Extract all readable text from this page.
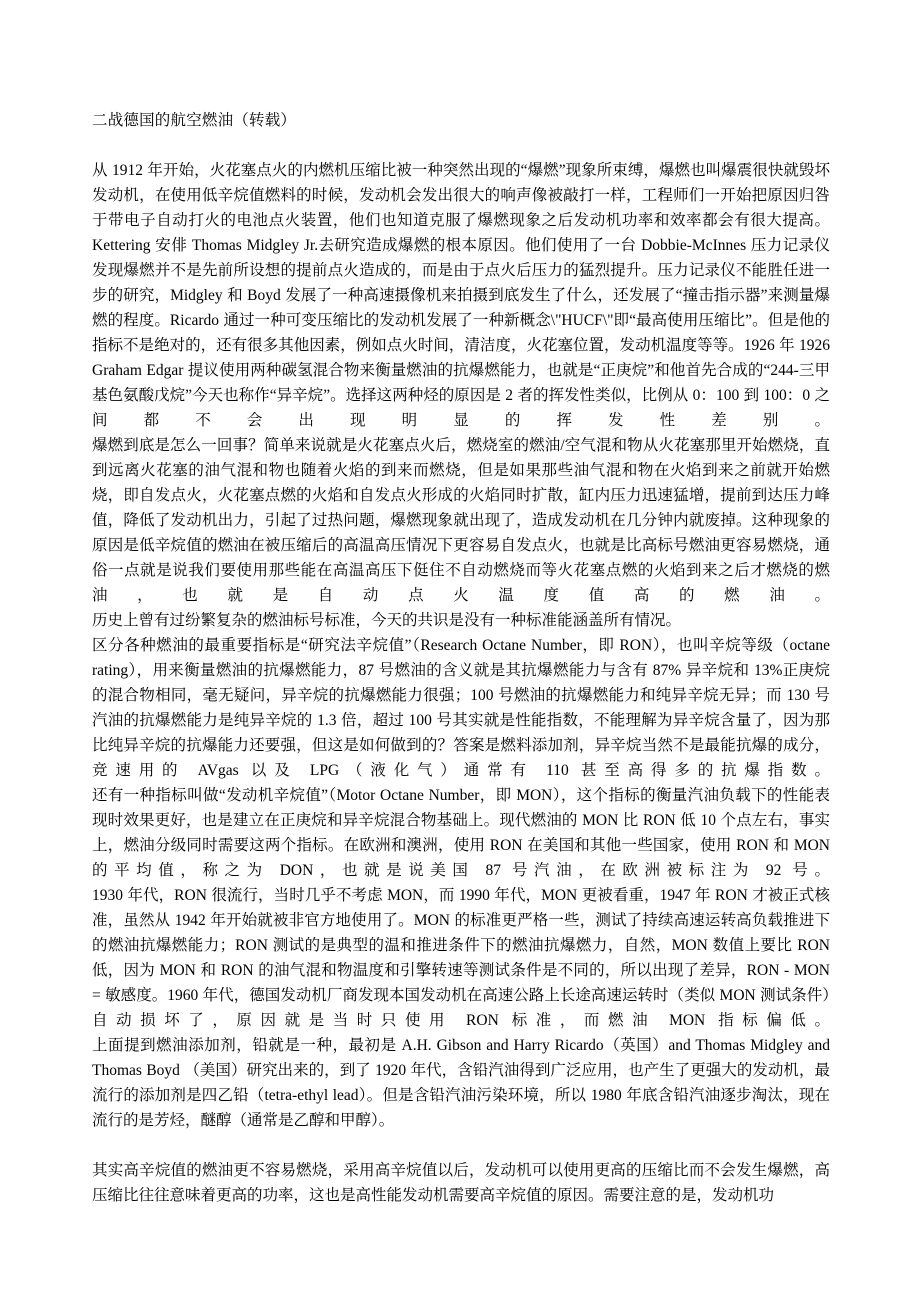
二战德国的航空燃油（转载）

从 1912 年开始，火花塞点火的内燃机压缩比被一种突然出现的“爆燃”现象所束缚，爆燃也叫爆震很快就毁坏发动机，在使用低辛烷值燃料的时候，发动机会发出很大的响声像被敲打一样，工程师们一开始把原因归咎于带电子自动打火的电池点火装置，他们也知道克服了爆燃现象之后发动机功率和效率都会有很大提高。Kettering 安俳 Thomas Midgley Jr.去研究造成爆燃的根本原因。他们使用了一台 Dobbie-McInnes 压力记录仪发现爆燃并不是先前所设想的提前点火造成的，而是由于点火后压力的猛烈提升。压力记录仪不能胜任进一步的研究，Midgley 和 Boyd 发展了一种高速摄像机来拍摄到底发生了什么，还发展了“撞击指示器”来测量爆燃的程度。Ricardo 通过一种可变压缩比的发动机发展了一种新概念\"HUCF\"即“最高使用压缩比”。但是他的指标不是绝对的，还有很多其他因素，例如点火时间，清洁度，火花塞位置，发动机温度等等。1926 年 1926 Graham Edgar 提议使用两种碳氢混合物来衡量燃油的抗爆燃能力，也就是“正庚烷”和他首先合成的“244-三甲基色氨酸戊烷”今天也称作“异辛烷”。选择这两种烃的原因是 2 者的挥发性类似，比例从 0：100 到 100：0 之间都不会出现明显的挥发性差别。

爆燃到底是怎么一回事？简单来说就是火花塞点火后，燃烧室的燃油/空气混和物从火花塞那里开始燃烧，直到远离火花塞的油气混和物也随着火焰的到来而燃烧，但是如果那些油气混和物在火焰到来之前就开始燃烧，即自发点火，火花塞点燃的火焰和自发点火形成的火焰同时扩散，缸内压力迅速猛增，提前到达压力峰值，降低了发动机出力，引起了过热问题，爆燃现象就出现了，造成发动机在几分钟内就废掉。这种现象的原因是低辛烷值的燃油在被压缩后的高温高压情况下更容易自发点火，也就是比高标号燃油更容易燃烧，通俗一点就是说我们要使用那些能在高温高压下侹住不自动燃烧而等火花塞点燃的火焰到来之后才燃烧的燃油，也就是自动点火温度值高的燃油。

历史上曾有过纷繁复杂的燃油标号标准，今天的共识是没有一种标准能涵盖所有情况。

区分各种燃油的最重要指标是“研究法辛烷值”（Research Octane Number，即 RON），也叫辛烷等级（octane rating），用来衡量燃油的抗爆燃能力，87 号燃油的含义就是其抗爆燃能力与含有 87% 异辛烷和 13%正庚烷的混合物相同，毫无疑问，异辛烷的抗爆燃能力很强；100 号燃油的抗爆燃能力和纯异辛烷无异；而 130 号汽油的抗爆燃能力是纯异辛烷的 1.3 倍，超过 100 号其实就是性能指数，不能理解为异辛烷含量了，因为那比纯异辛烷的抗爆能力还要强，但这是如何做到的？答案是燃料添加剂，异辛烷当然不是最能抗爆的成分，竞速用的 AVgas 以及 LPG（液化气）通常有 110 甚至高得多的抗爆指数。

还有一种指标叫做“发动机辛烷值”（Motor Octane Number，即 MON），这个指标的衡量汽油负载下的性能表现时效果更好，也是建立在正庚烷和异辛烷混合物基础上。现代燃油的 MON 比 RON 低 10 个点左右，事实上，燃油分级同时需要这两个指标。在欧洲和澳洲，使用 RON 在美国和其他一些国家，使用 RON 和 MON 的平均值，称之为 DON，也就是说美国 87 号汽油，在欧洲被标注为 92 号。

1930 年代，RON 很流行，当时几乎不考虑 MON，而 1990 年代，MON 更被看重，1947 年 RON 才被正式核准，虽然从 1942 年开始就被非官方地使用了。MON 的标准更严格一些，测试了持续高速运转高负载推进下的燃油抗爆燃能力；RON 测试的是典型的温和推进条件下的燃油抗爆燃力，自然，MON 数值上要比 RON 低，因为 MON 和 RON 的油气混和物温度和引擎转速等测试条件是不同的，所以出现了差异，RON - MON = 敏感度。1960 年代，德国发动机厂商发现本国发动机在高速公路上长途高速运转时（类似 MON 测试条件）自动损坏了，原因就是当时只使用 RON 标准，而燃油 MON 指标偏低。

上面提到燃油添加剂，铅就是一种，最初是 A.H. Gibson and Harry Ricardo（英国）and Thomas Midgley and Thomas Boyd （美国）研究出来的，到了 1920 年代，含铅汽油得到广泛应用，也产生了更强大的发动机，最流行的添加剂是四乙铅（tetra-ethyl lead）。但是含铅汽油污染环境，所以 1980 年底含铅汽油逐步淘汰，现在流行的是芳烃，醚醇（通常是乙醇和甲醇）。

其实高辛烷值的燃油更不容易燃烧，采用高辛烷值以后，发动机可以使用更高的压缩比而不会发生爆燃，高压缩比往往意味着更高的功率，这也是高性能发动机需要高辛烷值的原因。需要注意的是，发动机功
